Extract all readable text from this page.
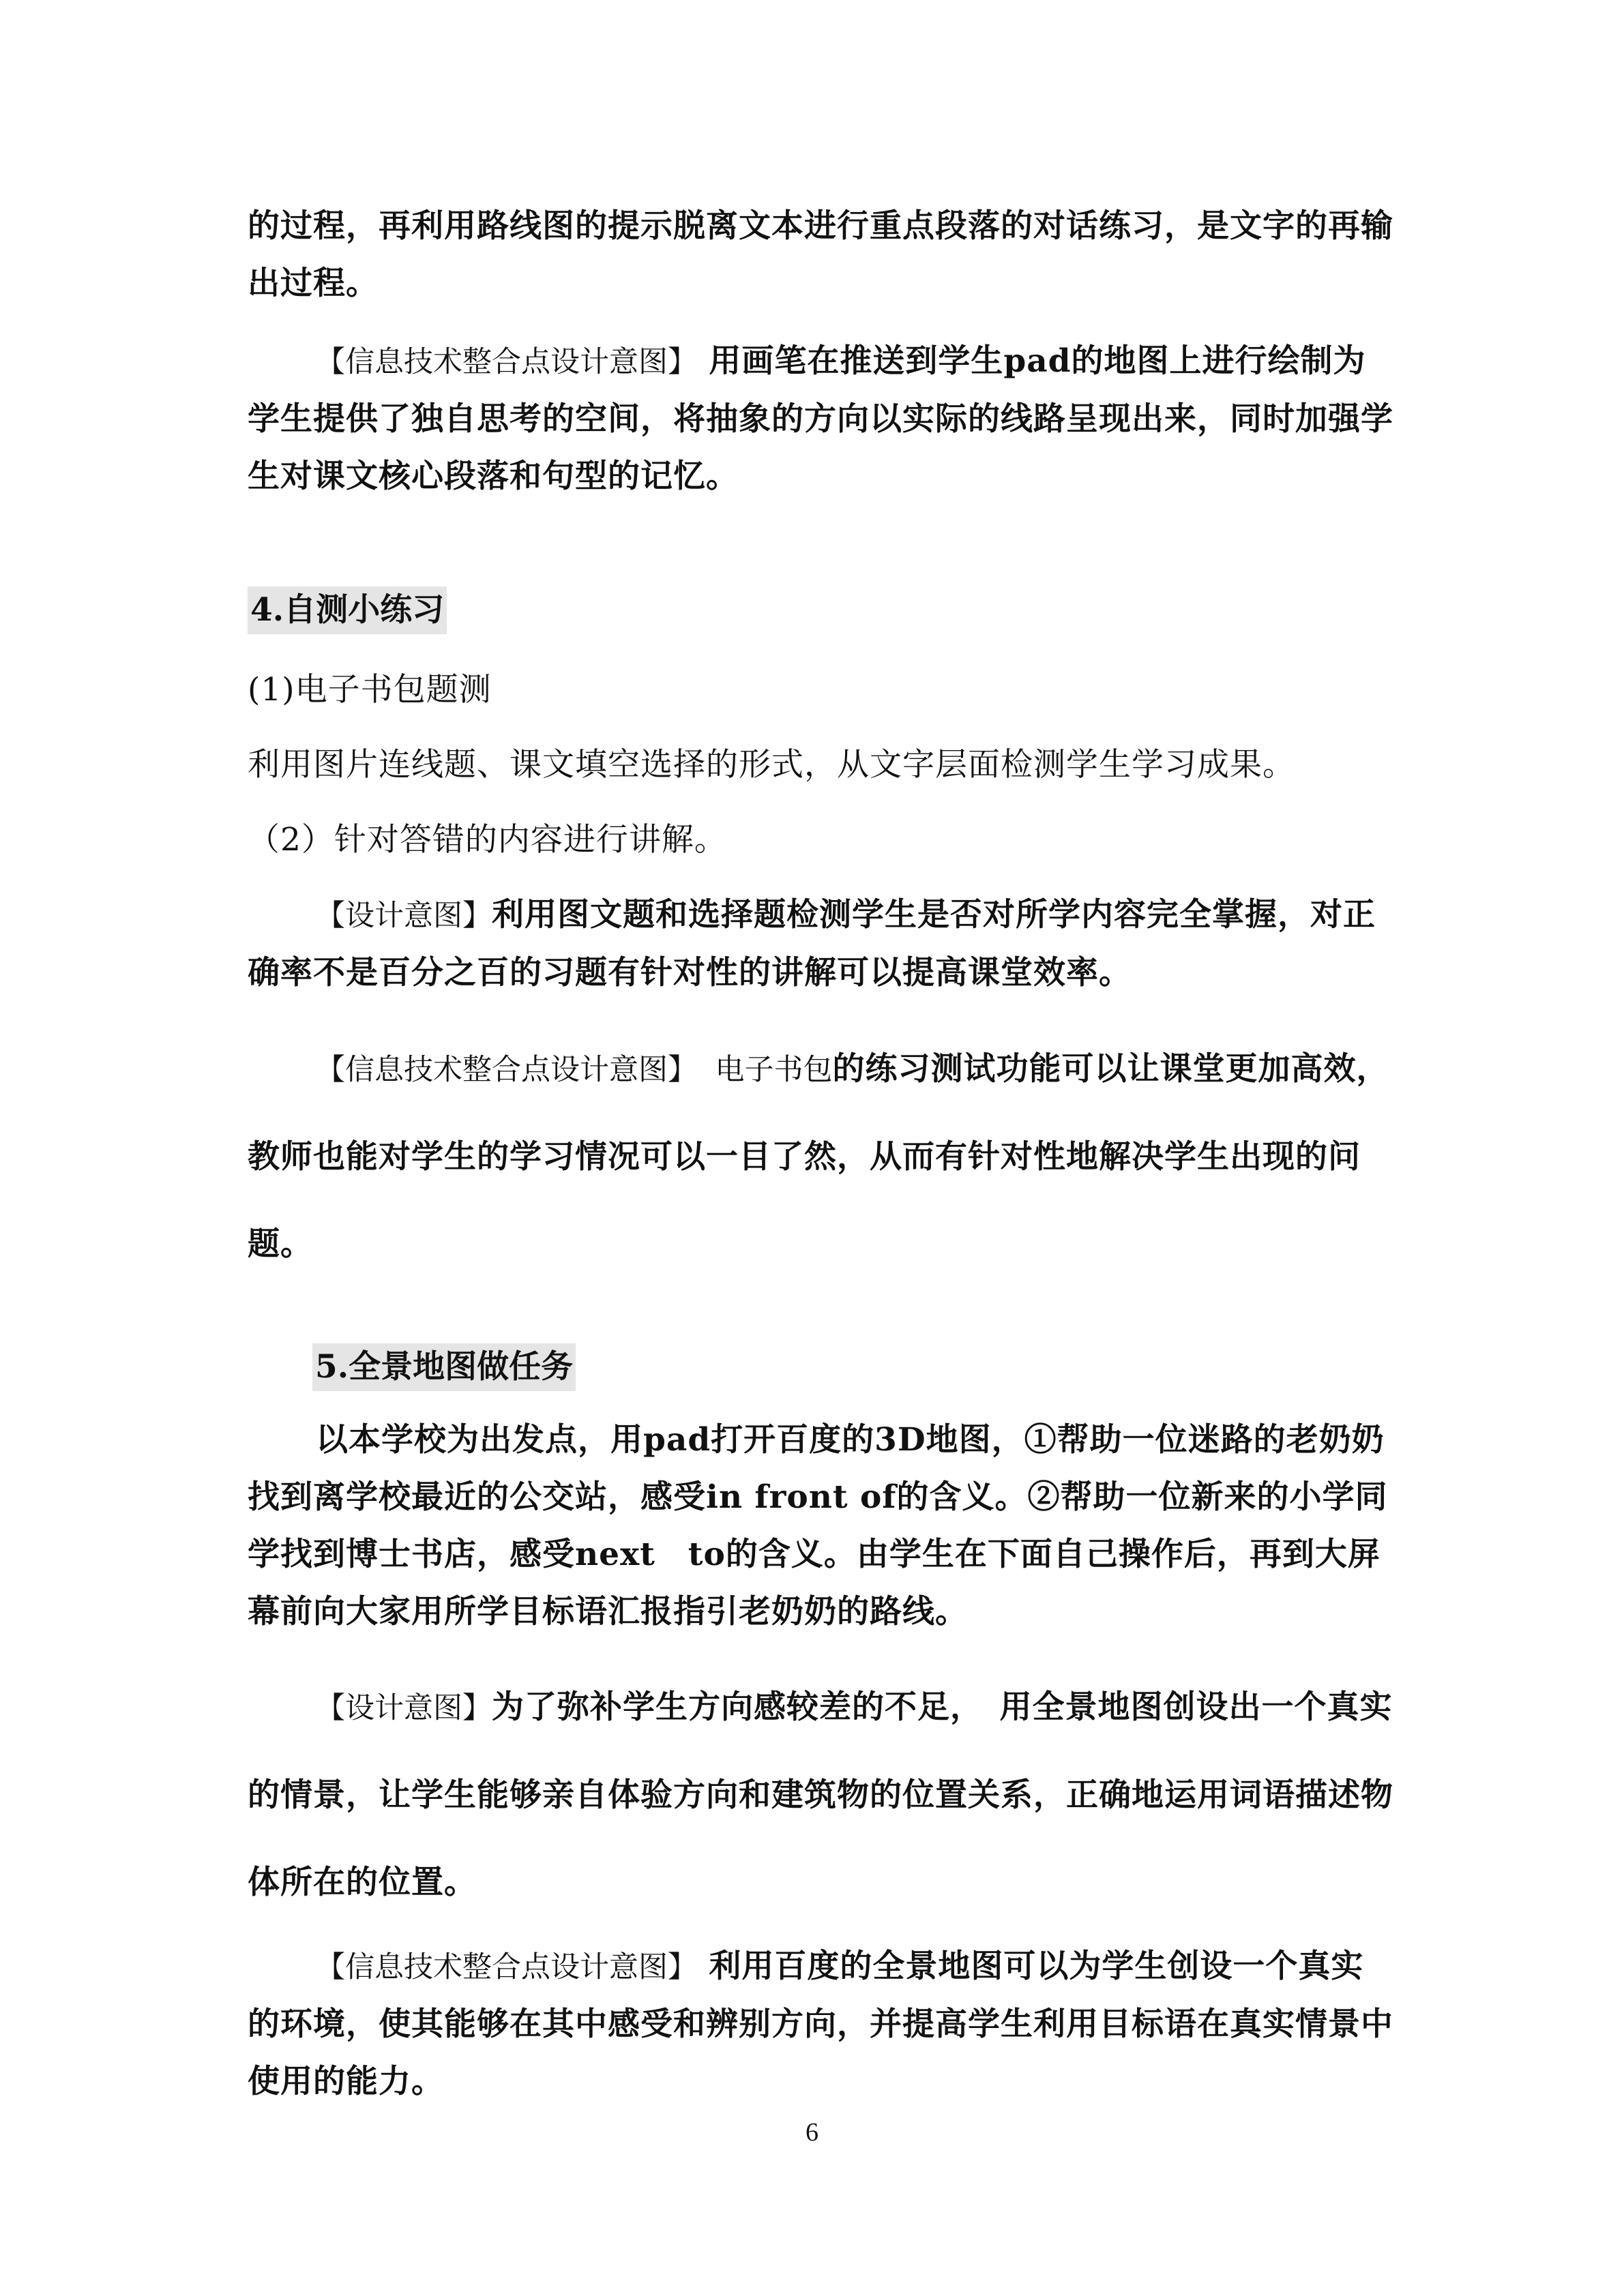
的过程，再利用路线图的提示脱离文本进行重点段落的对话练习，是文字的再输出过程。

【信息技术整合点设计意图】 用画笔在推送到学生pad的地图上进行绘制为学生提供了独自思考的空间，将抽象的方向以实际的线路呈现出来，同时加强学生对课文核心段落和句型的记忆。

4.自测小练习

(1)电子书包题测

利用图片连线题、课文填空选择的形式，从文字层面检测学生学习成果。

（2）针对答错的内容进行讲解。

【设计意图】利用图文题和选择题检测学生是否对所学内容完全掌握，对正确率不是百分之百的习题有针对性的讲解可以提高课堂效率。

【信息技术整合点设计意图】　 电子书包的练习测试功能可以让课堂更加高效，教师也能对学生的学习情况可以一目了然，从而有针对性地解决学生出现的问题。

5.全景地图做任务

以本学校为出发点，用pad打开百度的3D地图，①帮助一位迷路的老奶奶找到离学校最近的公交站，感受in front of的含义。②帮助一位新来的小学同学找到博士书店，感受next　to的含义。由学生在下面自己操作后，再到大屏幕前向大家用所学目标语汇报指引老奶奶的路线。

【设计意图】为了弥补学生方向感较差的不足，　用全景地图创设出一个真实的情景，让学生能够亲自体验方向和建筑物的位置关系，正确地运用词语描述物体所在的位置。

【信息技术整合点设计意图】 利用百度的全景地图可以为学生创设一个真实的环境，使其能够在其中感受和辨别方向，并提高学生利用目标语在真实情景中使用的能力。

6
